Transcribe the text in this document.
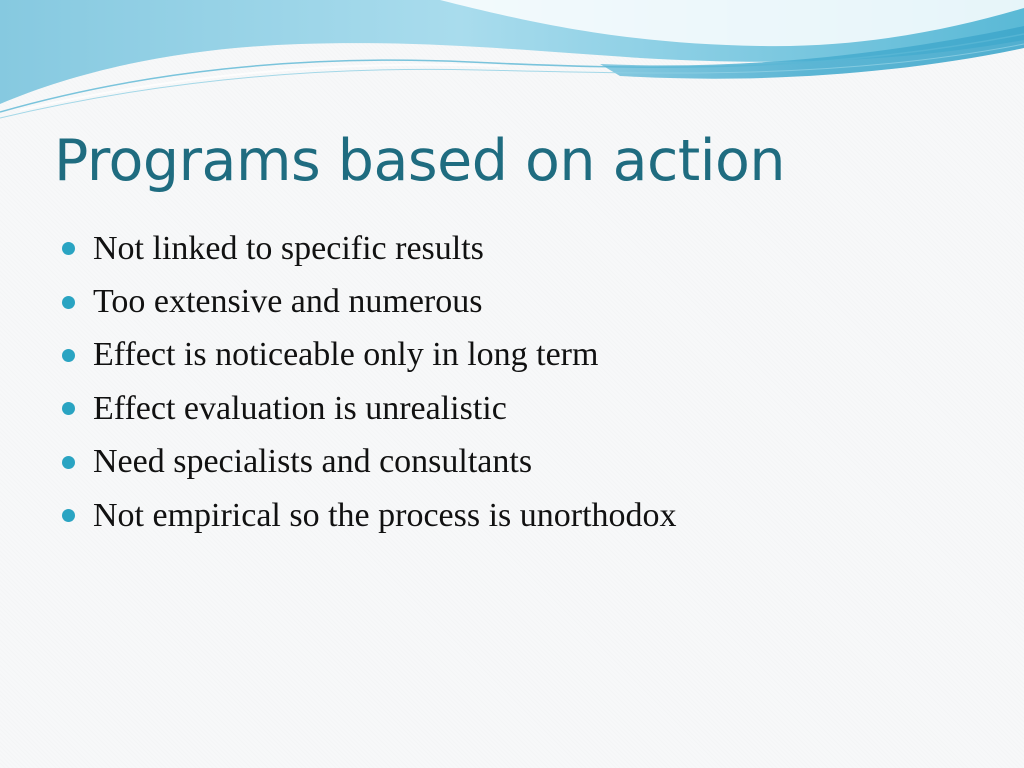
Programs based on action
Not linked to specific results
Too extensive and numerous
Effect is noticeable only in long term
Effect evaluation is unrealistic
Need specialists and consultants
Not empirical so the process is unorthodox
